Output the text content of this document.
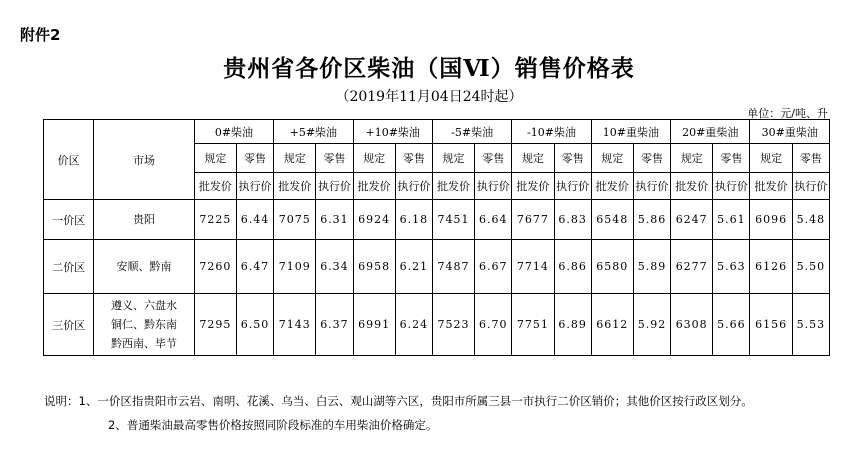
附件2
贵州省各价区柴油（国Ⅵ）销售价格表
（2019年11月04日24时起）
单位：元/吨、升
价区	市场	0#柴油		+5#柴油		+10#柴油		-5#柴油		-10#柴油		10#重柴油		20#重柴油		30#重柴油	
		规定	零售	规定	零售	规定	零售	规定	零售	规定	零售	规定	零售	规定	零售	规定	零售
		批发价	执行价	批发价	执行价	批发价	执行价	批发价	执行价	批发价	执行价	批发价	执行价	批发价	执行价	批发价	执行价
一价区	贵阳	7225	6.44	7075	6.31	6924	6.18	7451	6.64	7677	6.83	6548	5.86	6247	5.61	6096	5.48
二价区	安顺、黔南	7260	6.47	7109	6.34	6958	6.21	7487	6.67	7714	6.86	6580	5.89	6277	5.63	6126	5.50
三价区	遵义、六盘水
铜仁、黔东南
黔西南、毕节	7295	6.50	7143	6.37	6991	6.24	7523	6.70	7751	6.89	6612	5.92	6308	5.66	6156	5.53
说明：1、一价区指贵阳市云岩、南明、花溪、乌当、白云、观山湖等六区，贵阳市所属三县一市执行二价区销价；其他价区按行政区划分。
2、普通柴油最高零售价格按照同阶段标准的车用柴油价格确定。
